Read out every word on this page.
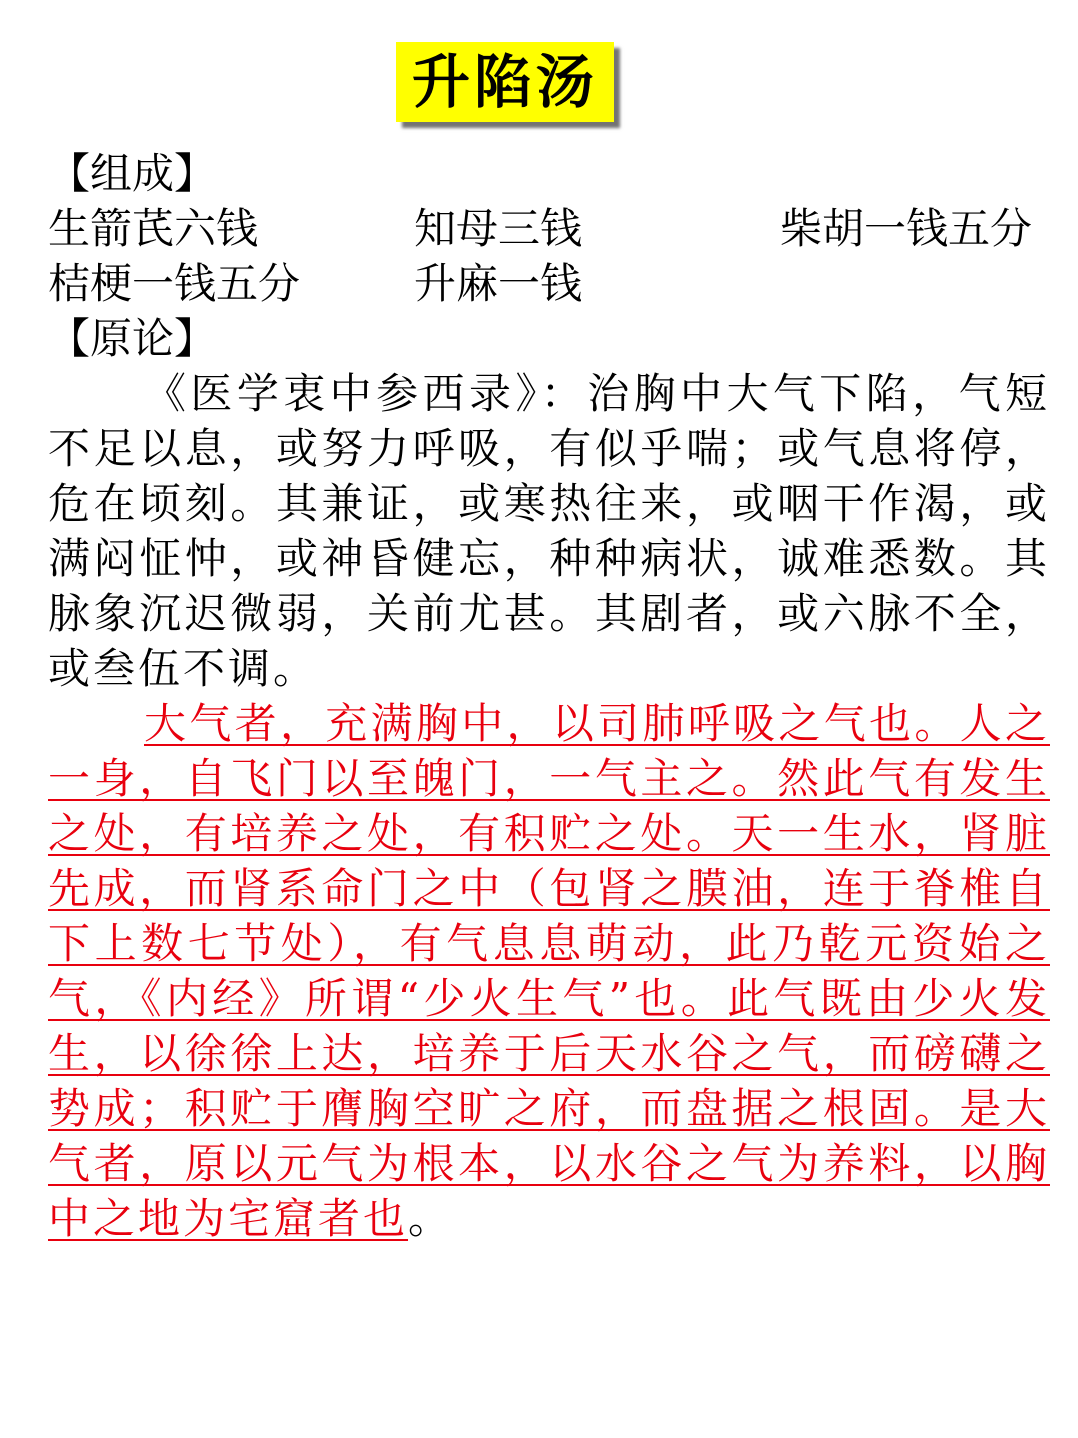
升陷汤
【组成】
生箭芪六钱	知母三钱	柴胡一钱五分
桔梗一钱五分	升麻一钱
【原论】
《医学衷中参西录》：治胸中大气下陷，气短不足以息，或努力呼吸，有似乎喘；或气息将停，危在顷刻。其兼证，或寒热往来，或咽干作渴，或满闷怔忡，或神昏健忘，种种病状，诚难悉数。其脉象沉迟微弱，关前尤甚。其剧者，或六脉不全，或叁伍不调。
大气者，充满胸中，以司肺呼吸之气也。人之一身，自飞门以至魄门，一气主之。然此气有发生之处，有培养之处，有积贮之处。天一生水，肾脏先成，而肾系命门之中（包肾之膜油，连于脊椎自下上数七节处），有气息息萌动，此乃乾元资始之气，《内经》所谓“少火生气”也。此气既由少火发生，以徐徐上达，培养于后天水谷之气，而磅礴之势成；积贮于膺胸空旷之府，而盘据之根固。是大气者，原以元气为根本，以水谷之气为养料，以胸中之地为宅窟者也。
